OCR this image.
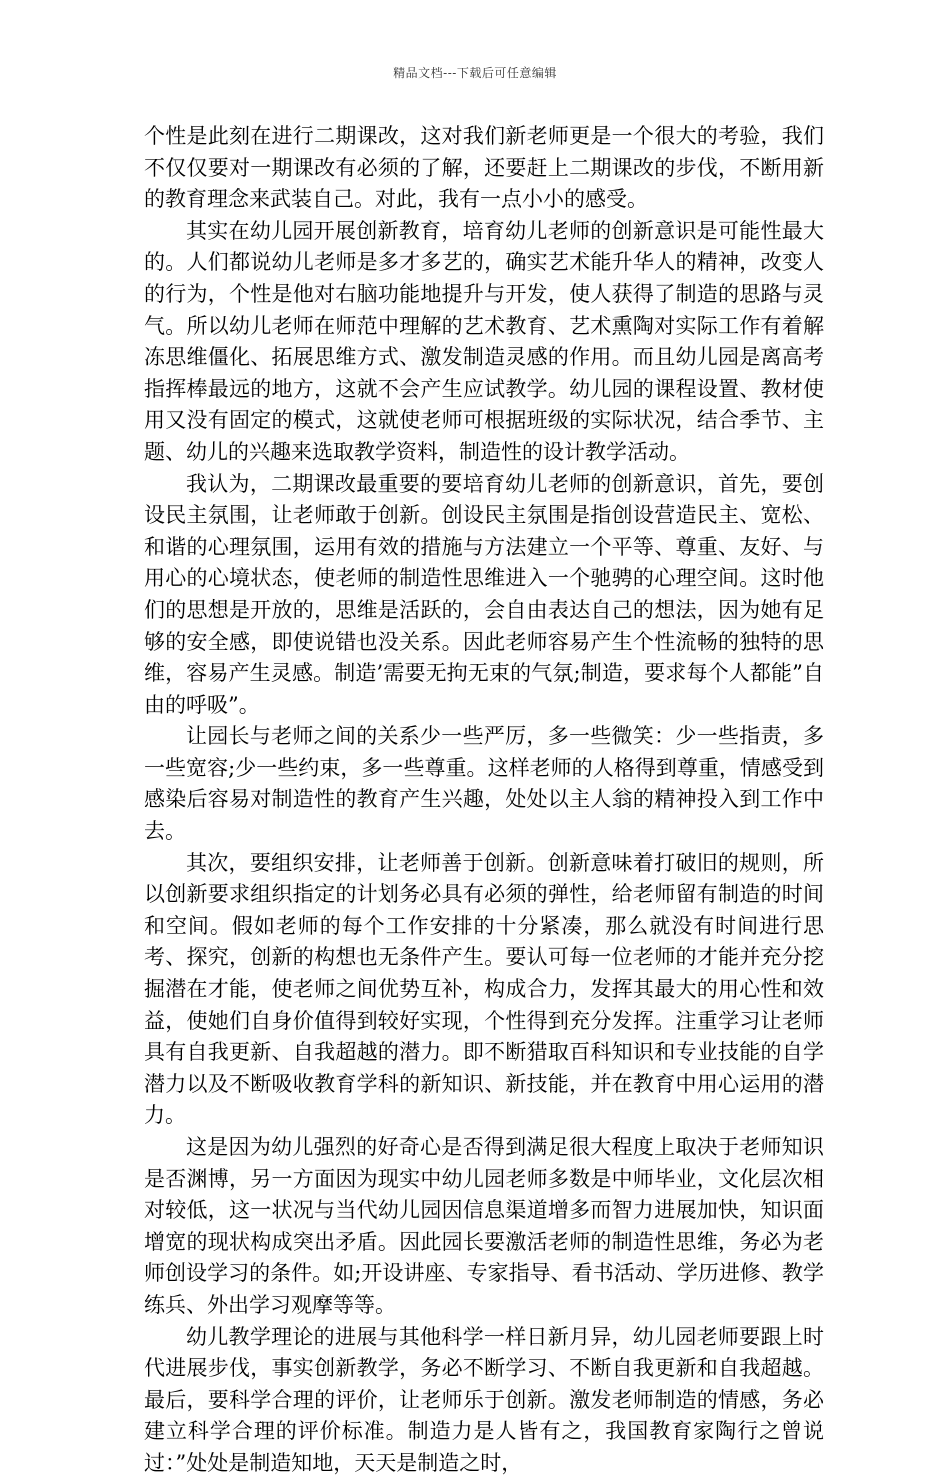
精品文档---下载后可任意编辑

个性是此刻在进行二期课改，这对我们新老师更是一个很大的考验，我们不仅仅要对一期课改有必须的了解，还要赶上二期课改的步伐，不断用新的教育理念来武装自己。对此，我有一点小小的感受。

其实在幼儿园开展创新教育，培育幼儿老师的创新意识是可能性最大的。人们都说幼儿老师是多才多艺的，确实艺术能升华人的精神，改变人的行为，个性是他对右脑功能地提升与开发，使人获得了制造的思路与灵气。所以幼儿老师在师范中理解的艺术教育、艺术熏陶对实际工作有着解冻思维僵化、拓展思维方式、激发制造灵感的作用。而且幼儿园是离高考指挥棒最远的地方，这就不会产生应试教学。幼儿园的课程设置、教材使用又没有固定的模式，这就使老师可根据班级的实际状况，结合季节、主题、幼儿的兴趣来选取教学资料，制造性的设计教学活动。

我认为，二期课改最重要的要培育幼儿老师的创新意识，首先，要创设民主氛围，让老师敢于创新。创设民主氛围是指创设营造民主、宽松、和谐的心理氛围，运用有效的措施与方法建立一个平等、尊重、友好、与用心的心境状态，使老师的制造性思维进入一个驰骋的心理空间。这时他们的思想是开放的，思维是活跃的，会自由表达自己的想法，因为她有足够的安全感，即使说错也没关系。因此老师容易产生个性流畅的独特的思维，容易产生灵感。制造’需要无拘无束的气氛;制造，要求每个人都能”自由的呼吸”。

让园长与老师之间的关系少一些严厉，多一些微笑：少一些指责，多一些宽容;少一些约束，多一些尊重。这样老师的人格得到尊重，情感受到感染后容易对制造性的教育产生兴趣，处处以主人翁的精神投入到工作中去。

其次，要组织安排，让老师善于创新。创新意味着打破旧的规则，所以创新要求组织指定的计划务必具有必须的弹性，给老师留有制造的时间和空间。假如老师的每个工作安排的十分紧凑，那么就没有时间进行思考、探究，创新的构想也无条件产生。要认可每一位老师的才能并充分挖掘潜在才能，使老师之间优势互补，构成合力，发挥其最大的用心性和效益，使她们自身价值得到较好实现，个性得到充分发挥。注重学习让老师具有自我更新、自我超越的潜力。即不断猎取百科知识和专业技能的自学潜力以及不断吸收教育学科的新知识、新技能，并在教育中用心运用的潜力。

这是因为幼儿强烈的好奇心是否得到满足很大程度上取决于老师知识是否渊博，另一方面因为现实中幼儿园老师多数是中师毕业，文化层次相对较低，这一状况与当代幼儿园因信息渠道增多而智力进展加快，知识面增宽的现状构成突出矛盾。因此园长要激活老师的制造性思维，务必为老师创设学习的条件。如;开设讲座、专家指导、看书活动、学历进修、教学练兵、外出学习观摩等等。

幼儿教学理论的进展与其他科学一样日新月异，幼儿园老师要跟上时代进展步伐，事实创新教学，务必不断学习、不断自我更新和自我超越。最后，要科学合理的评价，让老师乐于创新。激发老师制造的情感，务必建立科学合理的评价标准。制造力是人皆有之，我国教育家陶行之曾说过：”处处是制造知地，天天是制造之时，
